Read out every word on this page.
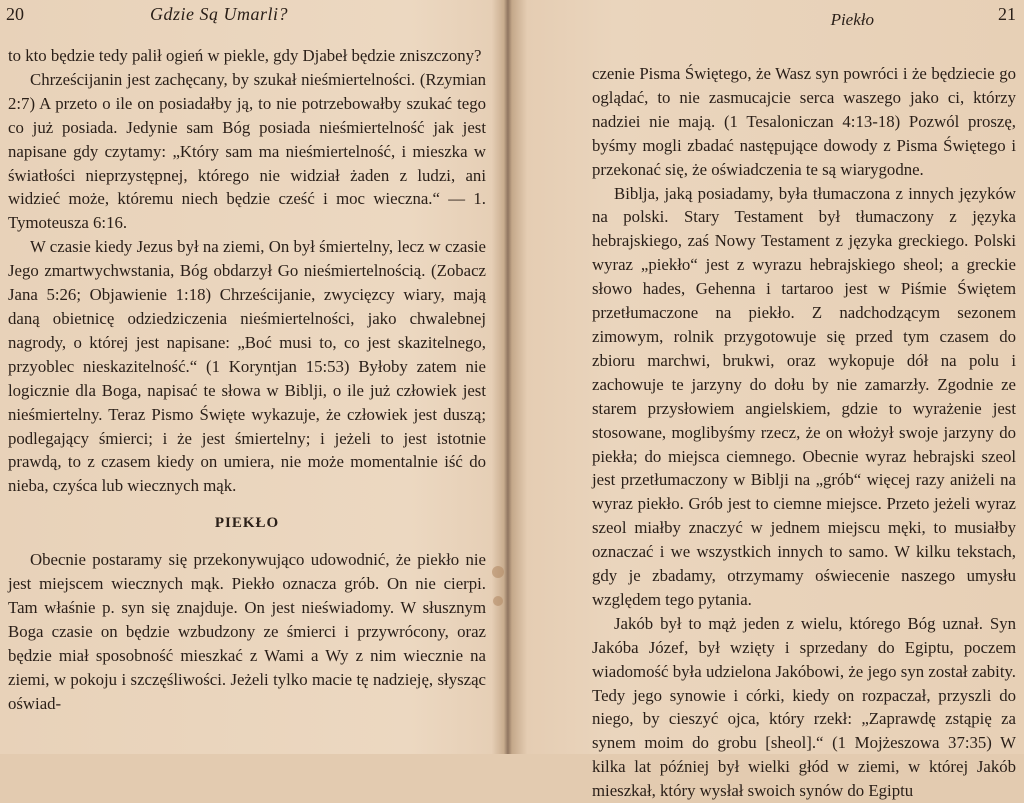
20	Gdzie Są Umarli?

to kto będzie tedy palił ogień w piekle, gdy Djabeł będzie zniszczony?

Chrześcijanin jest zachęcany, by szukał nieśmiertelności. (Rzymian 2:7) A przeto o ile on posiadałby ją, to nie potrzebowałby szukać tego co już posiada. Jedynie sam Bóg posiada nieśmiertelność jak jest napisane gdy czytamy: „Który sam ma nieśmiertelność, i mieszka w światłości nieprzystępnej, którego nie widział żaden z ludzi, ani widzieć może, któremu niech będzie cześć i moc wieczna.“ — 1. Tymoteusza 6:16.

W czasie kiedy Jezus był na ziemi, On był śmiertelny, lecz w czasie Jego zmartwychwstania, Bóg obdarzył Go nieśmiertelnością. (Zobacz Jana 5:26; Objawienie 1:18) Chrześcijanie, zwycięzcy wiary, mają daną obietnicę odziedziczenia nieśmiertelności, jako chwalebnej nagrody, o której jest napisane: „Boć musi to, co jest skazitelnego, przyoblec nieskazitelność.“ (1 Koryntjan 15:53) Byłoby zatem nie logicznie dla Boga, napisać te słowa w Biblji, o ile już człowiek jest nieśmiertelny. Teraz Pismo Święte wykazuje, że człowiek jest duszą; podlegający śmierci; i że jest śmiertelny; i jeżeli to jest istotnie prawdą, to z czasem kiedy on umiera, nie może momentalnie iść do nieba, czyśca lub wiecznych mąk.

PIEKŁO

Obecnie postaramy się przekonywująco udowodnić, że piekło nie jest miejscem wiecznych mąk. Piekło oznacza grób. On nie cierpi. Tam właśnie p. syn się znajduje. On jest nieświadomy. W słusznym Boga czasie on będzie wzbudzony ze śmierci i przywrócony, oraz będzie miał sposobność mieszkać z Wami a Wy z nim wiecznie na ziemi, w pokoju i szczęśliwości. Jeżeli tylko macie tę nadzieję, słysząc oświad-

Piekło	21

czenie Pisma Świętego, że Wasz syn powróci i że będziecie go oglądać, to nie zasmucajcie serca waszego jako ci, którzy nadziei nie mają. (1 Tesaloniczan 4:13-18) Pozwól proszę, byśmy mogli zbadać następujące dowody z Pisma Świętego i przekonać się, że oświadczenia te są wiarygodne.

Biblja, jaką posiadamy, była tłumaczona z innych języków na polski. Stary Testament był tłumaczony z języka hebrajskiego, zaś Nowy Testament z języka greckiego. Polski wyraz „piekło“ jest z wyrazu hebrajskiego sheol; a greckie słowo hades, Gehenna i tartaroo jest w Piśmie Świętem przetłumaczone na piekło. Z nadchodzącym sezonem zimowym, rolnik przygotowuje się przed tym czasem do zbioru marchwi, brukwi, oraz wykopuje dół na polu i zachowuje te jarzyny do dołu by nie zamarzły. Zgodnie ze starem przysłowiem angielskiem, gdzie to wyrażenie jest stosowane, moglibyśmy rzecz, że on włożył swoje jarzyny do piekła; do miejsca ciemnego. Obecnie wyraz hebrajski szeol jest przetłumaczony w Biblji na „grób“ więcej razy aniżeli na wyraz piekło. Grób jest to ciemne miejsce. Przeto jeżeli wyraz szeol miałby znaczyć w jednem miejscu męki, to musiałby oznaczać i we wszystkich innych to samo. W kilku tekstach, gdy je zbadamy, otrzymamy oświecenie naszego umysłu względem tego pytania.

Jakób był to mąż jeden z wielu, którego Bóg uznał. Syn Jakóba Józef, był wzięty i sprzedany do Egiptu, poczem wiadomość była udzielona Jakóbowi, że jego syn został zabity. Tedy jego synowie i córki, kiedy on rozpaczał, przyszli do niego, by cieszyć ojca, który rzekł: „Zaprawdę zstąpię za synem moim do grobu [sheol].“ (1 Mojżeszowa 37:35) W kilka lat później był wielki głód w ziemi, w której Jakób mieszkał, który wysłał swoich synów do Egiptu
